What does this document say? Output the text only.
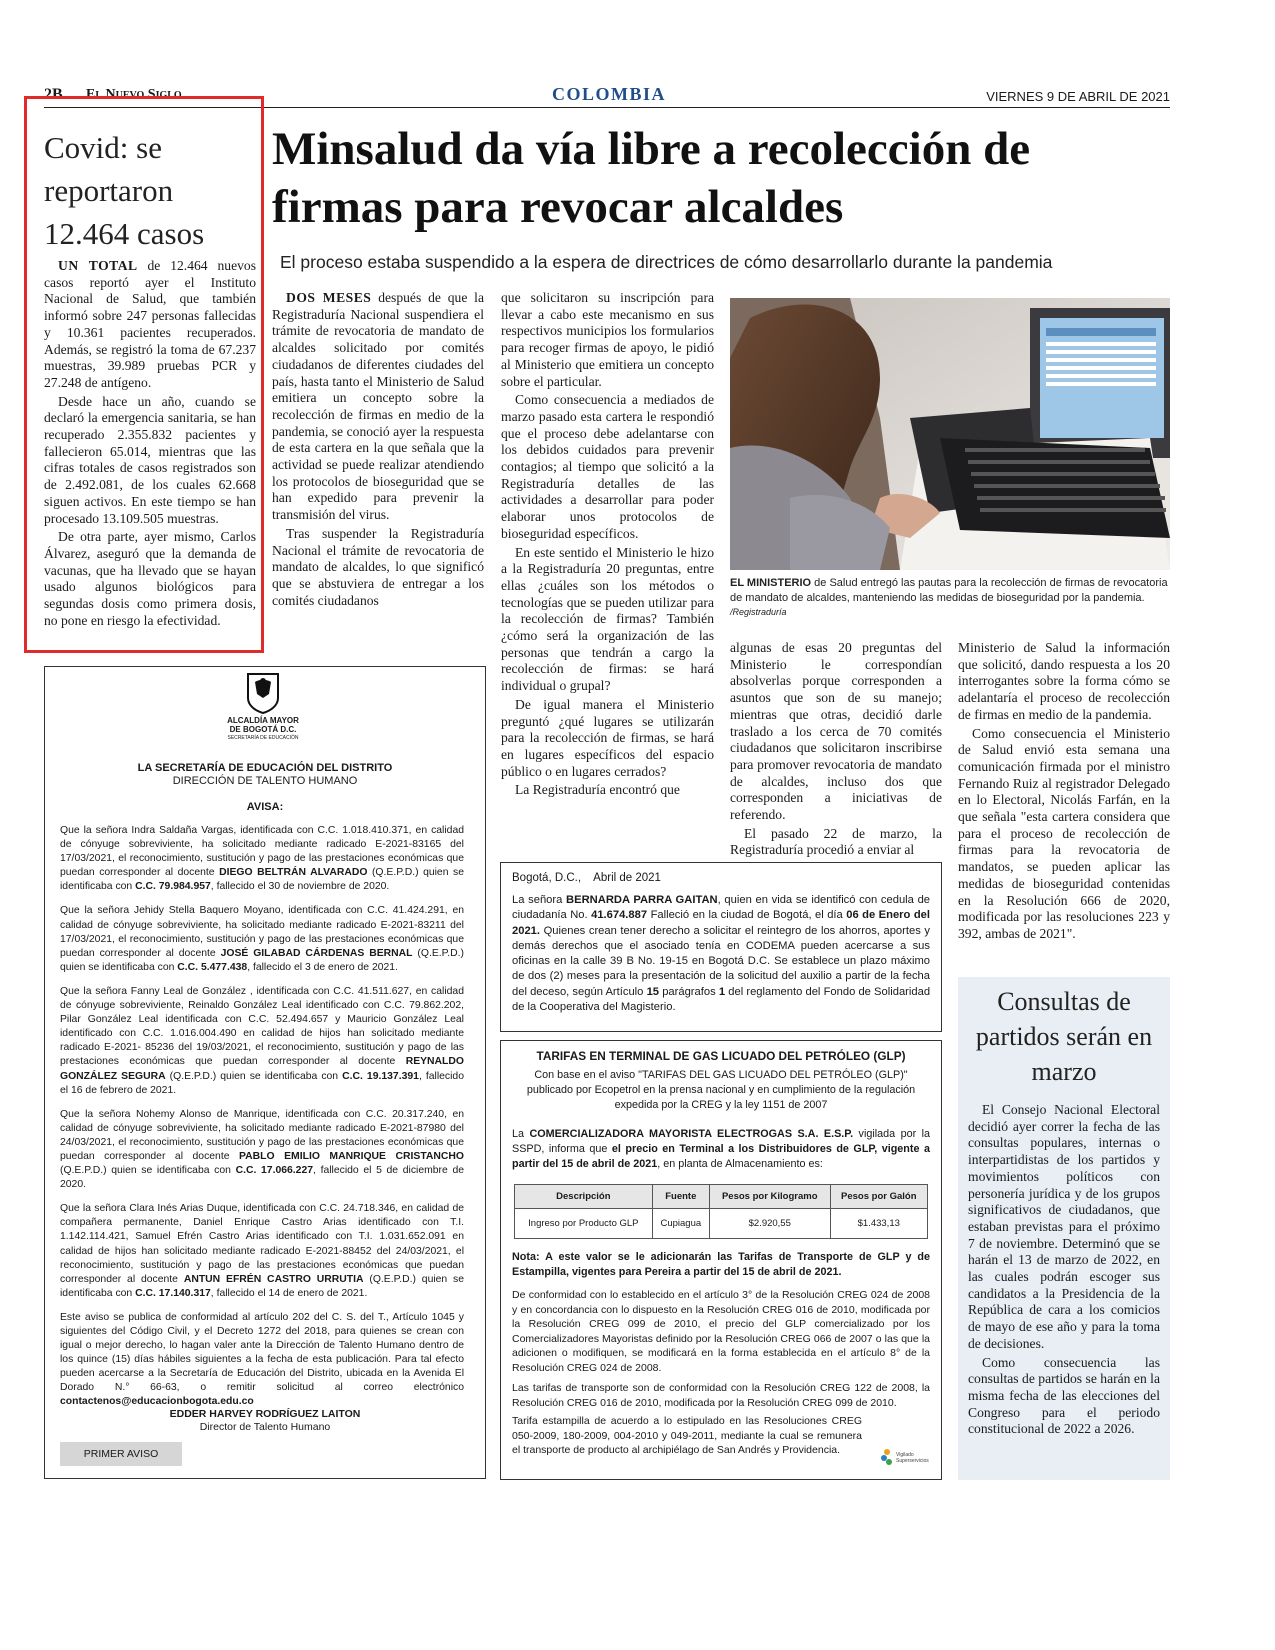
2B El Nuevo Siglo	COLOMBIA	VIERNES 9 DE ABRIL DE 2021
Covid: se reportaron 12.464 casos

UN TOTAL de 12.464 nuevos casos reportó ayer el Instituto Nacional de Salud, que también informó sobre 247 personas fallecidas y 10.361 pacientes recuperados. Además, se registró la toma de 67.237 muestras, 39.989 pruebas PCR y 27.248 de antígeno.

Desde hace un año, cuando se declaró la emergencia sanitaria, se han recuperado 2.355.832 pacientes y fallecieron 65.014, mientras que las cifras totales de casos registrados son de 2.492.081, de los cuales 62.668 siguen activos. En este tiempo se han procesado 13.109.505 muestras.

De otra parte, ayer mismo, Carlos Álvarez, aseguró que la demanda de vacunas, que ha llevado que se hayan usado algunos biológicos para segundas dosis como primera dosis, no pone en riesgo la efectividad.

Minsalud da vía libre a recolección de firmas para revocar alcaldes
El proceso estaba suspendido a la espera de directrices de cómo desarrollarlo durante la pandemia

DOS MESES después de que la Registraduría Nacional suspendiera el trámite de revocatoria de mandato de alcaldes solicitado por comités ciudadanos de diferentes ciudades del país, hasta tanto el Ministerio de Salud emitiera un concepto sobre la recolección de firmas en medio de la pandemia, se conoció ayer la respuesta de esta cartera en la que señala que la actividad se puede realizar atendiendo los protocolos de bioseguridad que se han expedido para prevenir la transmisión del virus.

Tras suspender la Registraduría Nacional el trámite de revocatoria de mandato de alcaldes, lo que significó que se abstuviera de entregar a los comités ciudadanos

que solicitaron su inscripción para llevar a cabo este mecanismo en sus respectivos municipios los formularios para recoger firmas de apoyo, le pidió al Ministerio que emitiera un concepto sobre el particular.

Como consecuencia a mediados de marzo pasado esta cartera le respondió que el proceso debe adelantarse con los debidos cuidados para prevenir contagios; al tiempo que solicitó a la Registraduría detalles de las actividades a desarrollar para poder elaborar unos protocolos de bioseguridad específicos.

En este sentido el Ministerio le hizo a la Registraduría 20 preguntas, entre ellas ¿cuáles son los métodos o tecnologías que se pueden utilizar para la recolección de firmas? También ¿cómo será la organización de las personas que tendrán a cargo la recolección de firmas: se hará individual o grupal?

De igual manera el Ministerio preguntó ¿qué lugares se utilizarán para la recolección de firmas, se hará en lugares específicos del espacio público o en lugares cerrados?

La Registraduría encontró que

EL MINISTERIO de Salud entregó las pautas para la recolección de firmas de revocatoria de mandato de alcaldes, manteniendo las medidas de bioseguridad por la pandemia. /Registraduría

algunas de esas 20 preguntas del Ministerio le correspondían absolverlas porque corresponden a asuntos que son de su manejo; mientras que otras, decidió darle traslado a los cerca de 70 comités ciudadanos que solicitaron inscribirse para promover revocatoria de mandato de alcaldes, incluso dos que corresponden a iniciativas de referendo.

El pasado 22 de marzo, la Registraduría procedió a enviar al

Ministerio de Salud la información que solicitó, dando respuesta a los 20 interrogantes sobre la forma cómo se adelantaría el proceso de recolección de firmas en medio de la pandemia.

Como consecuencia el Ministerio de Salud envió esta semana una comunicación firmada por el ministro Fernando Ruiz al registrador Delegado en lo Electoral, Nicolás Farfán, en la que señala "esta cartera considera que para el proceso de recolección de firmas para la revocatoria de mandatos, se pueden aplicar las medidas de bioseguridad contenidas en la Resolución 666 de 2020, modificada por las resoluciones 223 y 392, ambas de 2021".

Consultas de partidos serán en marzo

El Consejo Nacional Electoral decidió ayer correr la fecha de las consultas populares, internas o interpartidistas de los partidos y movimientos políticos con personería jurídica y de los grupos significativos de ciudadanos, que estaban previstas para el próximo 7 de noviembre. Determinó que se harán el 13 de marzo de 2022, en las cuales podrán escoger sus candidatos a la Presidencia de la República de cara a los comicios de mayo de ese año y para la toma de decisiones.

Como consecuencia las consultas de partidos se harán en la misma fecha de las elecciones del Congreso para el periodo constitucional de 2022 a 2026.

ALCALDÍA MAYOR
DE BOGOTÁ D.C.
SECRETARÍA DE EDUCACIÓN
LA SECRETARÍA DE EDUCACIÓN DEL DISTRITO
DIRECCIÓN DE TALENTO HUMANO
AVISA:

Que la señora Indra Saldaña Vargas, identificada con C.C. 1.018.410.371, en calidad de cónyuge sobreviviente, ha solicitado mediante radicado E-2021-83165 del 17/03/2021, el reconocimiento, sustitución y pago de las prestaciones económicas que puedan corresponder al docente DIEGO BELTRÁN ALVARADO (Q.E.P.D.) quien se identificaba con C.C. 79.984.957, fallecido el 30 de noviembre de 2020.

Que la señora Jehidy Stella Baquero Moyano, identificada con C.C. 41.424.291, en calidad de cónyuge sobreviviente, ha solicitado mediante radicado E-2021-83211 del 17/03/2021, el reconocimiento, sustitución y pago de las prestaciones económicas que puedan corresponder al docente JOSÉ GILABAD CÁRDENAS BERNAL (Q.E.P.D.) quien se identificaba con C.C. 5.477.438, fallecido el 3 de enero de 2021.

Que la señora Fanny Leal de González , identificada con C.C. 41.511.627, en calidad de cónyuge sobreviviente, Reinaldo González Leal identificado con C.C. 79.862.202, Pilar González Leal identificada con C.C. 52.494.657 y Mauricio González Leal identificado con C.C. 1.016.004.490 en calidad de hijos han solicitado mediante radicado E-2021- 85236 del 19/03/2021, el reconocimiento, sustitución y pago de las prestaciones económicas que puedan corresponder al docente REYNALDO GONZÁLEZ SEGURA (Q.E.P.D.) quien se identificaba con C.C. 19.137.391, fallecido el 16 de febrero de 2021.

Que la señora Nohemy Alonso de Manrique, identificada con C.C. 20.317.240, en calidad de cónyuge sobreviviente, ha solicitado mediante radicado E-2021-87980 del 24/03/2021, el reconocimiento, sustitución y pago de las prestaciones económicas que puedan corresponder al docente PABLO EMILIO MANRIQUE CRISTANCHO (Q.E.P.D.) quien se identificaba con C.C. 17.066.227, fallecido el 5 de diciembre de 2020.

Que la señora Clara Inés Arias Duque, identificada con C.C. 24.718.346, en calidad de compañera permanente, Daniel Enrique Castro Arias identificado con T.I. 1.142.114.421, Samuel Efrén Castro Arias identificado con T.I. 1.031.652.091 en calidad de hijos han solicitado mediante radicado E-2021-88452 del 24/03/2021, el reconocimiento, sustitución y pago de las prestaciones económicas que puedan corresponder al docente ANTUN EFRÉN CASTRO URRUTIA (Q.E.P.D.) quien se identificaba con C.C. 17.140.317, fallecido el 14 de enero de 2021.

Este aviso se publica de conformidad al artículo 202 del C. S. del T., Artículo 1045 y siguientes del Código Civil, y el Decreto 1272 del 2018, para quienes se crean con igual o mejor derecho, lo hagan valer ante la Dirección de Talento Humano dentro de los quince (15) días hábiles siguientes a la fecha de esta publicación. Para tal efecto pueden acercarse a la Secretaría de Educación del Distrito, ubicada en la Avenida El Dorado N.° 66-63, o remitir solicitud al correo electrónico contactenos@educacionbogota.edu.co

EDDER HARVEY RODRÍGUEZ LAITON
Director de Talento Humano
PRIMER AVISO
Bogotá, D.C.,    Abril de 2021
La señora BERNARDA PARRA GAITAN, quien en vida se identificó con cedula de ciudadanía No. 41.674.887 Falleció en la ciudad de Bogotá, el día 06 de Enero del 2021. Quienes crean tener derecho a solicitar el reintegro de los ahorros, aportes y demás derechos que el asociado tenía en CODEMA pueden acercarse a sus oficinas en la calle 39 B No. 19-15 en Bogotá D.C. Se establece un plazo máximo de dos (2) meses para la presentación de la solicitud del auxilio a partir de la fecha del deceso, según Artículo 15 parágrafos 1 del reglamento del Fondo de Solidaridad de la Cooperativa del Magisterio.
TARIFAS EN TERMINAL DE GAS LICUADO DEL PETRÓLEO (GLP)
Con base en el aviso "TARIFAS DEL GAS LICUADO DEL PETRÓLEO (GLP)" publicado por Ecopetrol en la prensa nacional y en cumplimiento de la regulación expedida por la CREG y la ley 1151 de 2007
La COMERCIALIZADORA MAYORISTA ELECTROGAS S.A. E.S.P. vigilada por la SSPD, informa que el precio en Terminal a los Distribuidores de GLP, vigente a partir del 15 de abril de 2021, en planta de Almacenamiento es:
Descripción	Fuente	Pesos por Kilogramo	Pesos por Galón
Ingreso por Producto GLP	Cupiagua	$2.920,55	$1.433,13
Nota: A este valor se le adicionarán las Tarifas de Transporte de GLP y de Estampilla, vigentes para Pereira a partir del 15 de abril de 2021.
De conformidad con lo establecido en el artículo 3° de la Resolución CREG 024 de 2008 y en concordancia con lo dispuesto en la Resolución CREG 016 de 2010, modificada por la Resolución CREG 099 de 2010, el precio del GLP comercializado por los Comercializadores Mayoristas definido por la Resolución CREG 066 de 2007 o las que la adicionen o modifiquen, se modificará en la forma establecida en el artículo 8° de la Resolución CREG 024 de 2008.
Las tarifas de transporte son de conformidad con la Resolución CREG 122 de 2008, la Resolución CREG 016 de 2010, modificada por la Resolución CREG 099 de 2010.
Tarifa estampilla de acuerdo a lo estipulado en las Resoluciones CREG 050-2009, 180-2009, 004-2010 y 049-2011, mediante la cual se remunera el transporte de producto al archipiélago de San Andrés y Providencia.	Vigilado Superservicios
